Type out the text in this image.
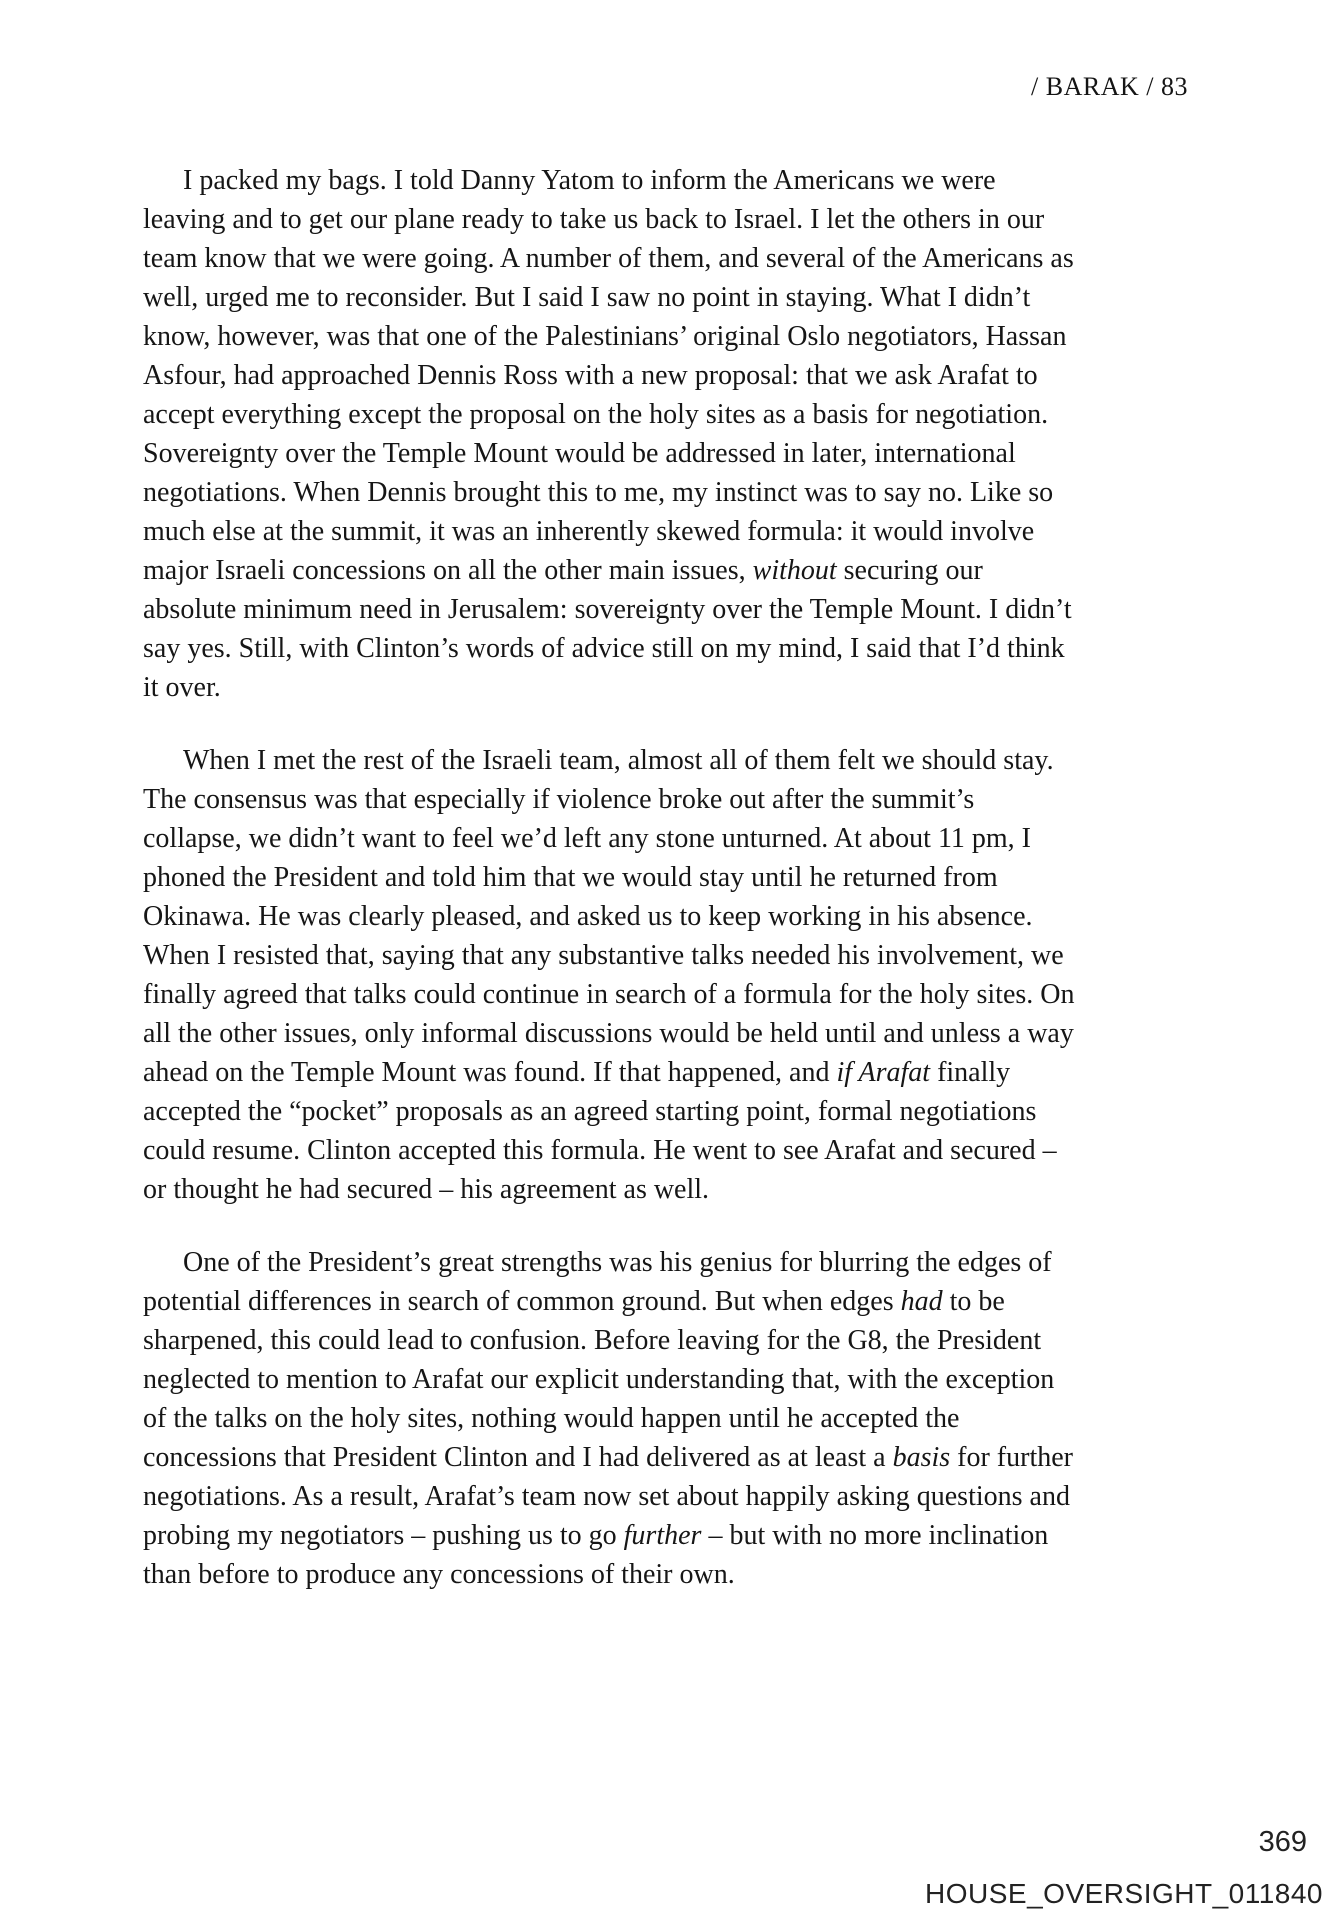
/ BARAK / 83
I packed my bags. I told Danny Yatom to inform the Americans we were
leaving and to get our plane ready to take us back to Israel. I let the others in our
team know that we were going. A number of them, and several of the Americans as
well, urged me to reconsider. But I said I saw no point in staying. What I didn’t
know, however, was that one of the Palestinians’ original Oslo negotiators, Hassan
Asfour, had approached Dennis Ross with a new proposal: that we ask Arafat to
accept everything except the proposal on the holy sites as a basis for negotiation.
Sovereignty over the Temple Mount would be addressed in later, international
negotiations. When Dennis brought this to me, my instinct was to say no. Like so
much else at the summit, it was an inherently skewed formula: it would involve
major Israeli concessions on all the other main issues, without securing our
absolute minimum need in Jerusalem: sovereignty over the Temple Mount. I didn’t
say yes. Still, with Clinton’s words of advice still on my mind, I said that I’d think
it over.
When I met the rest of the Israeli team, almost all of them felt we should stay.
The consensus was that especially if violence broke out after the summit’s
collapse, we didn’t want to feel we’d left any stone unturned. At about 11 pm, I
phoned the President and told him that we would stay until he returned from
Okinawa. He was clearly pleased, and asked us to keep working in his absence.
When I resisted that, saying that any substantive talks needed his involvement, we
finally agreed that talks could continue in search of a formula for the holy sites. On
all the other issues, only informal discussions would be held until and unless a way
ahead on the Temple Mount was found. If that happened, and if Arafat finally
accepted the “pocket” proposals as an agreed starting point, formal negotiations
could resume. Clinton accepted this formula. He went to see Arafat and secured –
or thought he had secured – his agreement as well.
One of the President’s great strengths was his genius for blurring the edges of
potential differences in search of common ground. But when edges had to be
sharpened, this could lead to confusion. Before leaving for the G8, the President
neglected to mention to Arafat our explicit understanding that, with the exception
of the talks on the holy sites, nothing would happen until he accepted the
concessions that President Clinton and I had delivered as at least a basis for further
negotiations. As a result, Arafat’s team now set about happily asking questions and
probing my negotiators – pushing us to go further – but with no more inclination
than before to produce any concessions of their own.
369
HOUSE_OVERSIGHT_011840
